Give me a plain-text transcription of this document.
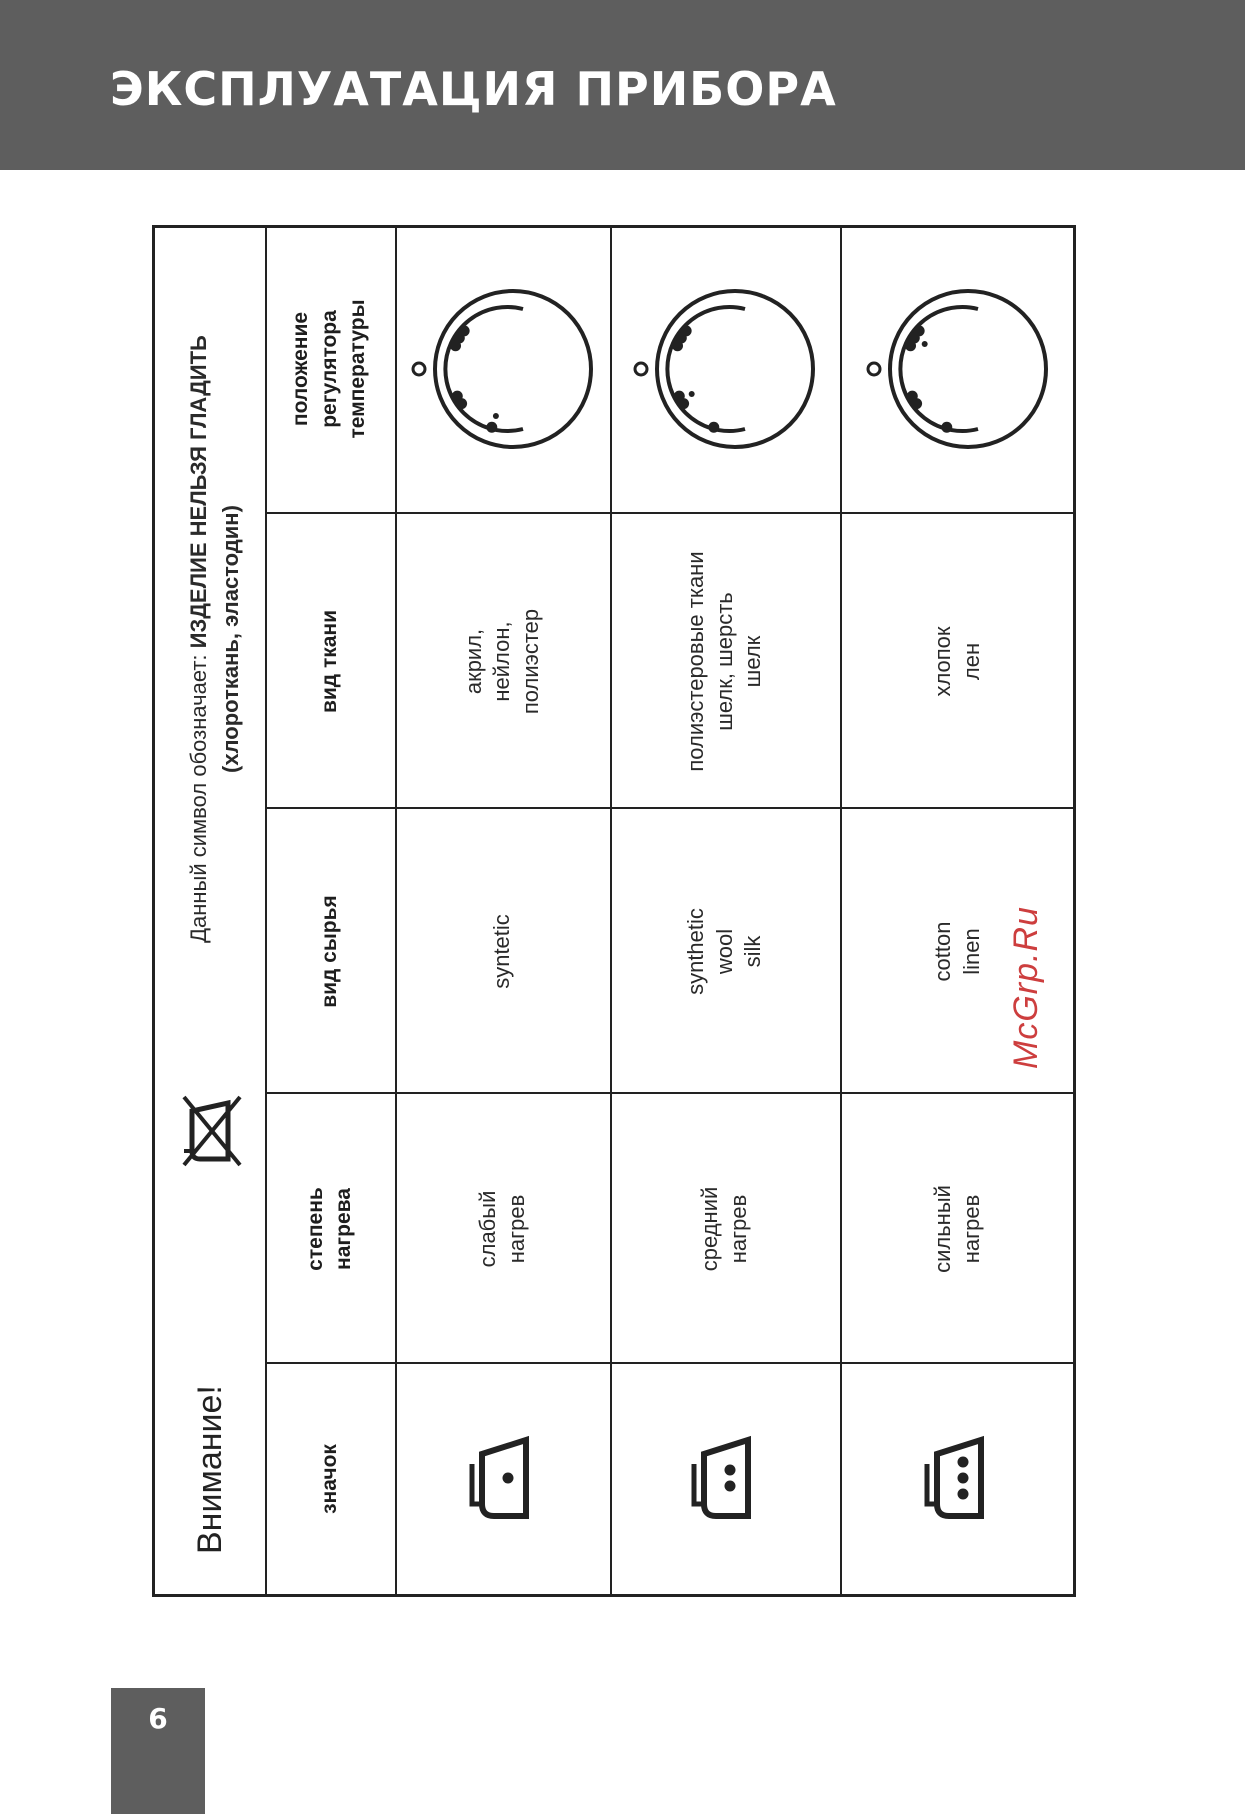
ЭКСПЛУАТАЦИЯ ПРИБОРА
Внимание!
Данный символ обозначает: ИЗДЕЛИЕ НЕЛЬЗЯ ГЛАДИТЬ (хлороткань, эластодин)
значок
степень нагрева
вид сырья
вид ткани
положение регулятора температуры
слабый нагрев
syntetic
акрил, нейлон, полиэстер
средний нагрев
synthetic wool silk
полиэстеровые ткани шелк, шерсть шелк
сильный нагрев
cotton linen
хлопок лен
McGrp.Ru
6
